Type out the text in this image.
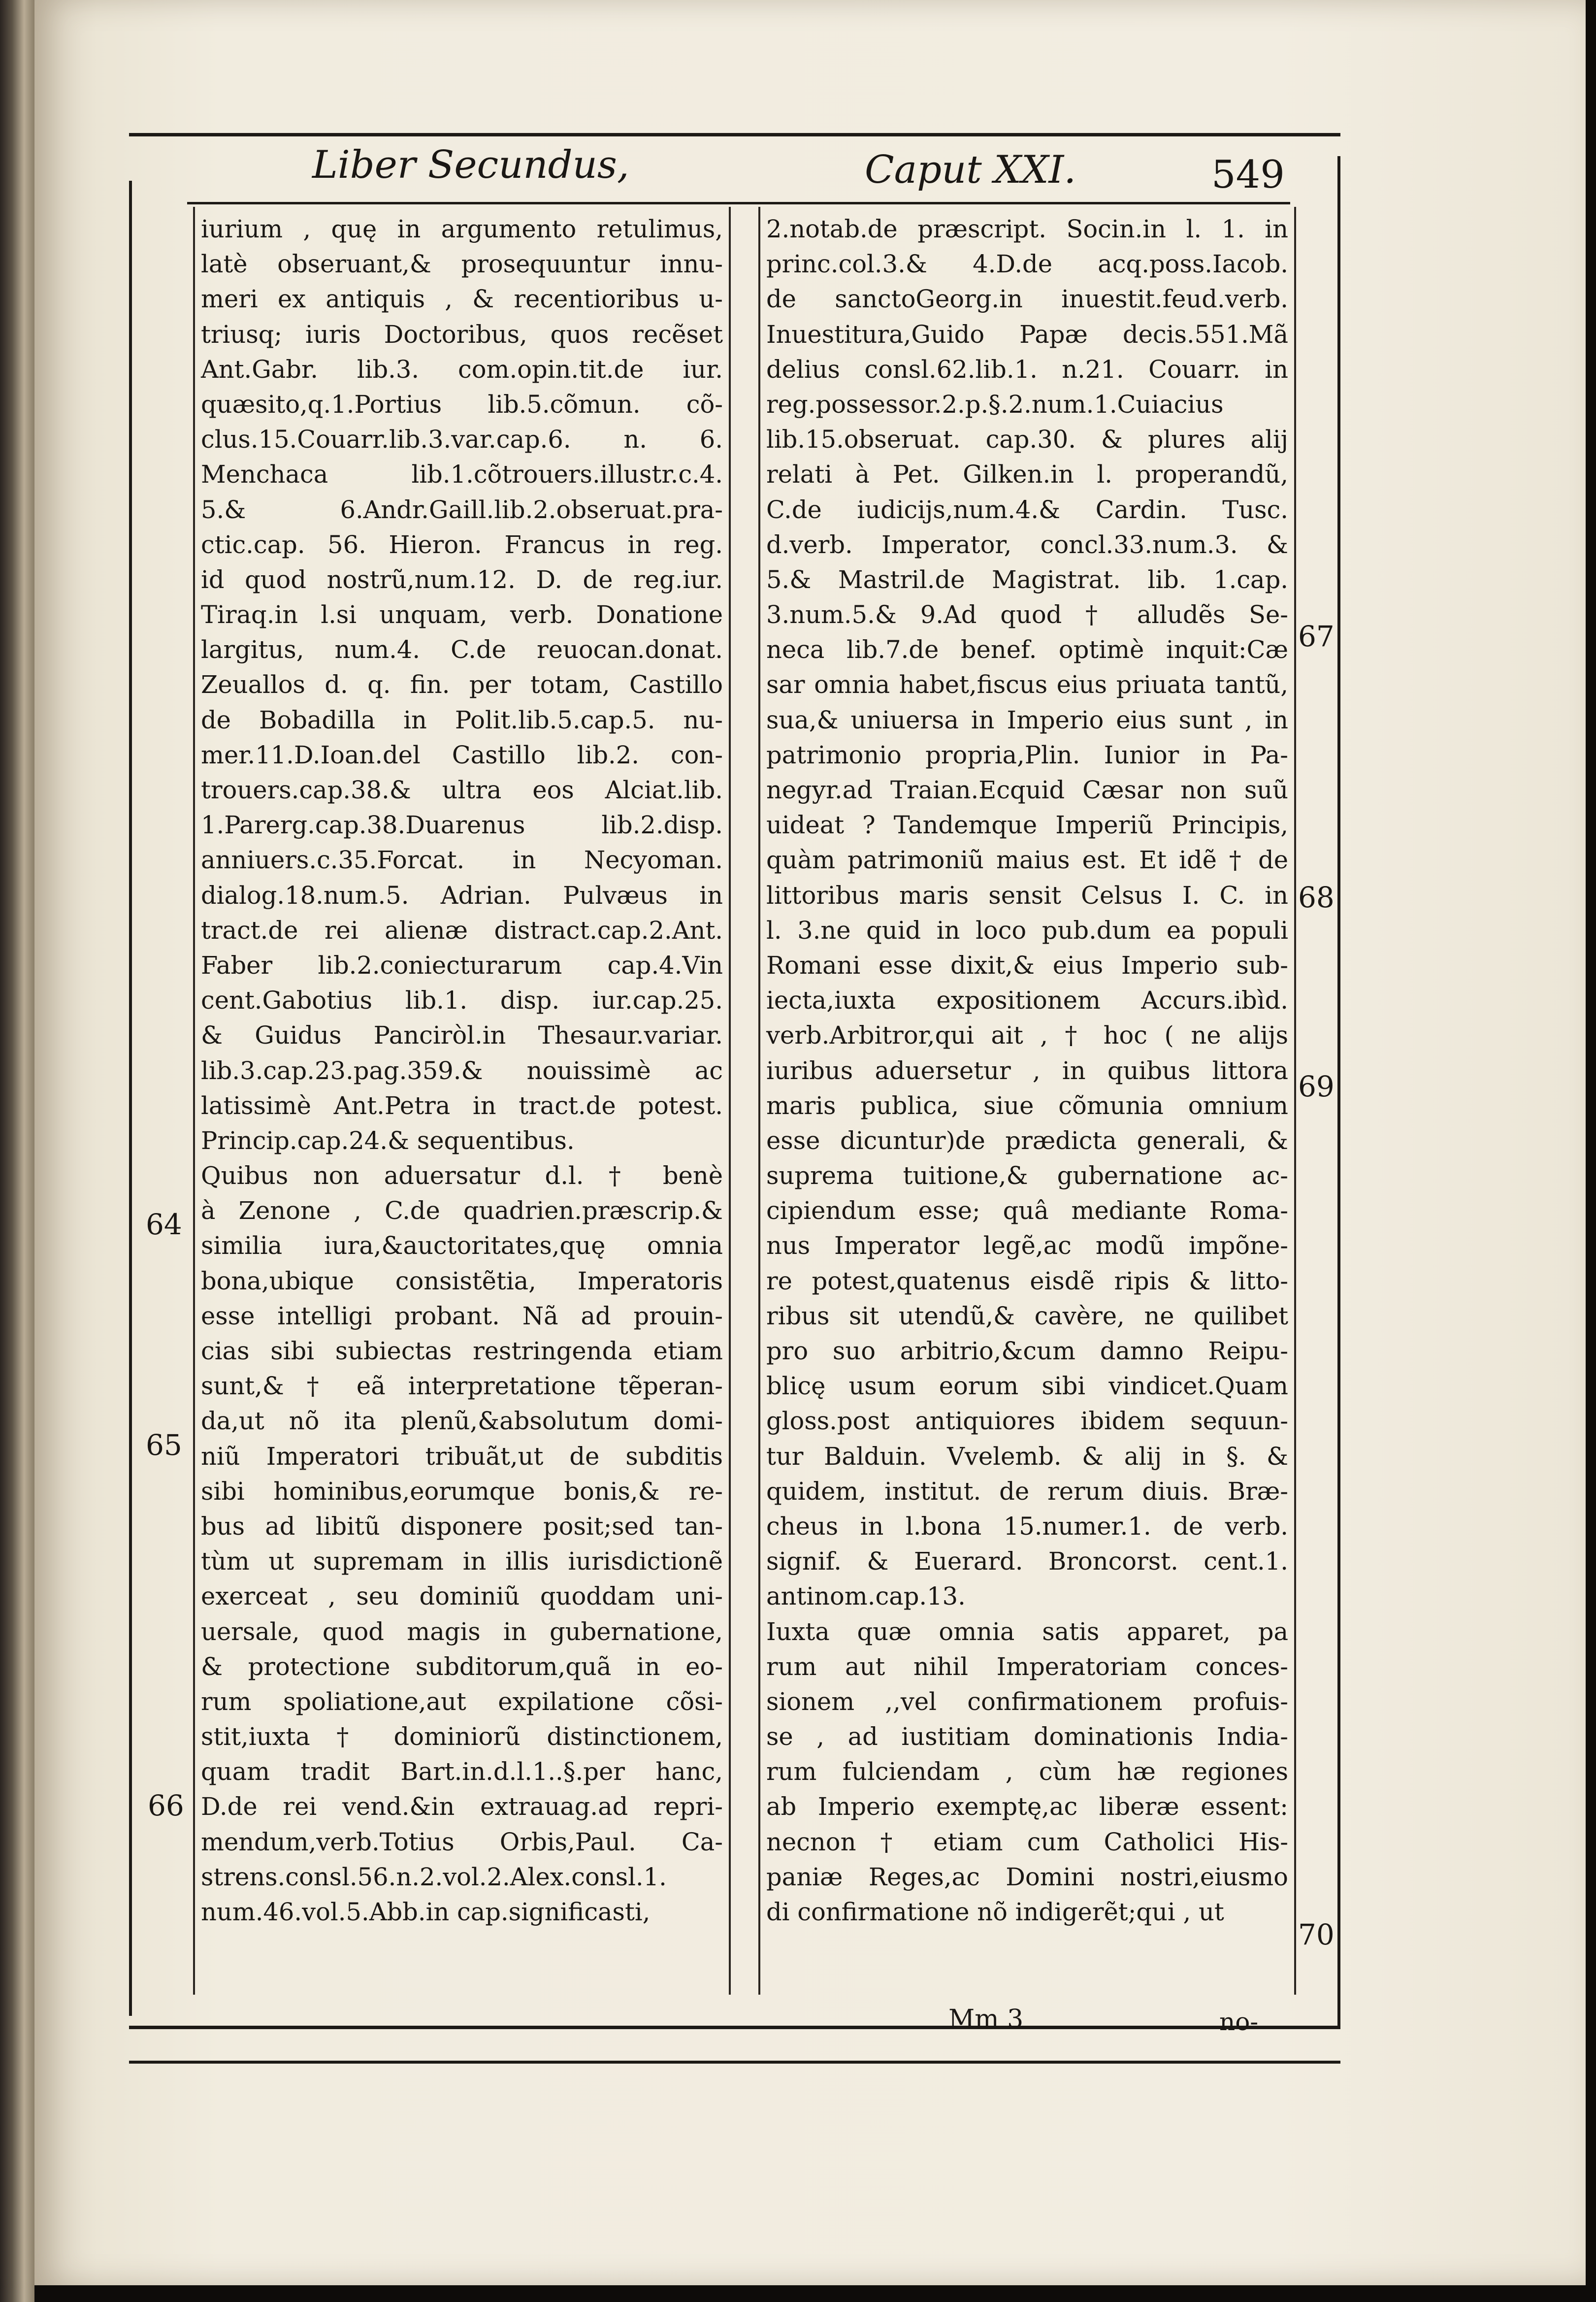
Liber Secundus,	Caput XXI.	549
iurium , quę in argumento retulimus,
latè obseruant,& prosequuntur innu-
meri ex antiquis , & recentioribus u-
triusq; iuris Doctoribus, quos recẽset
Ant.Gabr. lib.3. com.opin.tit.de iur.
quæsito,q.1.Portius lib.5.cõmun. cõ-
clus.15.Couarr.lib.3.var.cap.6. n. 6.
Menchaca lib.1.cõtrouers.illustr.c.4.
5.& 6.Andr.Gaill.lib.2.obseruat.pra-
ctic.cap. 56. Hieron. Francus in reg.
id quod nostrũ,num.12. D. de reg.iur.
Tiraq.in l.si unquam, verb. Donatione
largitus, num.4. C.de reuocan.donat.
Zeuallos d. q. fin. per totam, Castillo
de Bobadilla in Polit.lib.5.cap.5. nu-
mer.11.D.Ioan.del Castillo lib.2. con-
trouers.cap.38.& ultra eos Alciat.lib.
1.Parerg.cap.38.Duarenus lib.2.disp.
anniuers.c.35.Forcat. in Necyoman.
dialog.18.num.5. Adrian. Pulvæus in
tract.de rei alienæ distract.cap.2.Ant.
Faber lib.2.coniecturarum cap.4.Vin
cent.Gabotius lib.1. disp. iur.cap.25.
& Guidus Panciròl.in Thesaur.variar.
lib.3.cap.23.pag.359.& nouissimè ac
latissimè Ant.Petra in tract.de potest.
Princip.cap.24.& sequentibus.
Quibus non aduersatur d.l. † benè
à Zenone , C.de quadrien.præscrip.&
similia iura,&auctoritates,quę omnia
bona,ubique consistẽtia, Imperatoris
esse intelligi probant. Nã ad prouin-
cias sibi subiectas restringenda etiam
sunt,& † eã interpretatione tẽperan-
da,ut nõ ita plenũ,&absolutum domi-
niũ Imperatori tribuãt,ut de subditis
sibi hominibus,eorumque bonis,& re-
bus ad libitũ disponere posit;sed tan-
tùm ut supremam in illis iurisdictionẽ
exerceat , seu dominiũ quoddam uni-
uersale, quod magis in gubernatione,
& protectione subditorum,quã in eo-
rum spoliatione,aut expilatione cõsi-
stit,iuxta † dominiorũ distinctionem,
quam tradit Bart.in.d.l.1..§.per hanc,
D.de rei vend.&in extrauag.ad repri-
mendum,verb.Totius Orbis,Paul. Ca-
strens.consl.56.n.2.vol.2.Alex.consl.1.
num.46.vol.5.Abb.in cap.significasti,
2.notab.de præscript. Socin.in l. 1. in
princ.col.3.& 4.D.de acq.poss.Iacob.
de sanctoGeorg.in inuestit.feud.verb.
Inuestitura,Guido Papæ decis.551.Mã
delius consl.62.lib.1. n.21. Couarr. in
reg.possessor.2.p.§.2.num.1.Cuiacius
lib.15.obseruat. cap.30. & plures alij
relati à Pet. Gilken.in l. properandũ,
C.de iudicijs,num.4.& Cardin. Tusc.
d.verb. Imperator, concl.33.num.3. &
5.& Mastril.de Magistrat. lib. 1.cap.
3.num.5.& 9.Ad quod † alludẽs Se-
neca lib.7.de benef. optimè inquit:Cæ
sar omnia habet,fiscus eius priuata tantũ,
sua,& uniuersa in Imperio eius sunt , in
patrimonio propria,Plin. Iunior in Pa-
negyr.ad Traian.Ecquid Cæsar non suũ
uideat ? Tandemque Imperiũ Principis,
quàm patrimoniũ maius est. Et idẽ † de
littoribus maris sensit Celsus I. C. in
l. 3.ne quid in loco pub.dum ea populi
Romani esse dixit,& eius Imperio sub-
iecta,iuxta expositionem Accurs.ibìd.
verb.Arbitror,qui ait , † hoc ( ne alijs
iuribus aduersetur , in quibus littora
maris publica, siue cõmunia omnium
esse dicuntur)de prædicta generali, &
suprema tuitione,& gubernatione ac-
cipiendum esse; quâ mediante Roma-
nus Imperator legẽ,ac modũ impõne-
re potest,quatenus eisdẽ ripis & litto-
ribus sit utendũ,& cavère, ne quilibet
pro suo arbitrio,&cum damno Reipu-
blicę usum eorum sibi vindicet.Quam
gloss.post antiquiores ibidem sequun-
tur Balduin. Vvelemb. & alij in §. &
quidem, institut. de rerum diuis. Bræ-
cheus in l.bona 15.numer.1. de verb.
signif. & Euerard. Broncorst. cent.1.
antinom.cap.13.
Iuxta quæ omnia satis apparet, pa
rum aut nihil Imperatoriam conces-
sionem ,,vel confirmationem profuis-
se , ad iustitiam dominationis India-
rum fulciendam , cùm hæ regiones
ab Imperio exemptę,ac liberæ essent:
necnon † etiam cum Catholici His-
paniæ Reges,ac Domini nostri,eiusmo
di confirmatione nõ indigerẽt;qui , ut
64
65
66
67
68
69
70
Mm 3	no-
